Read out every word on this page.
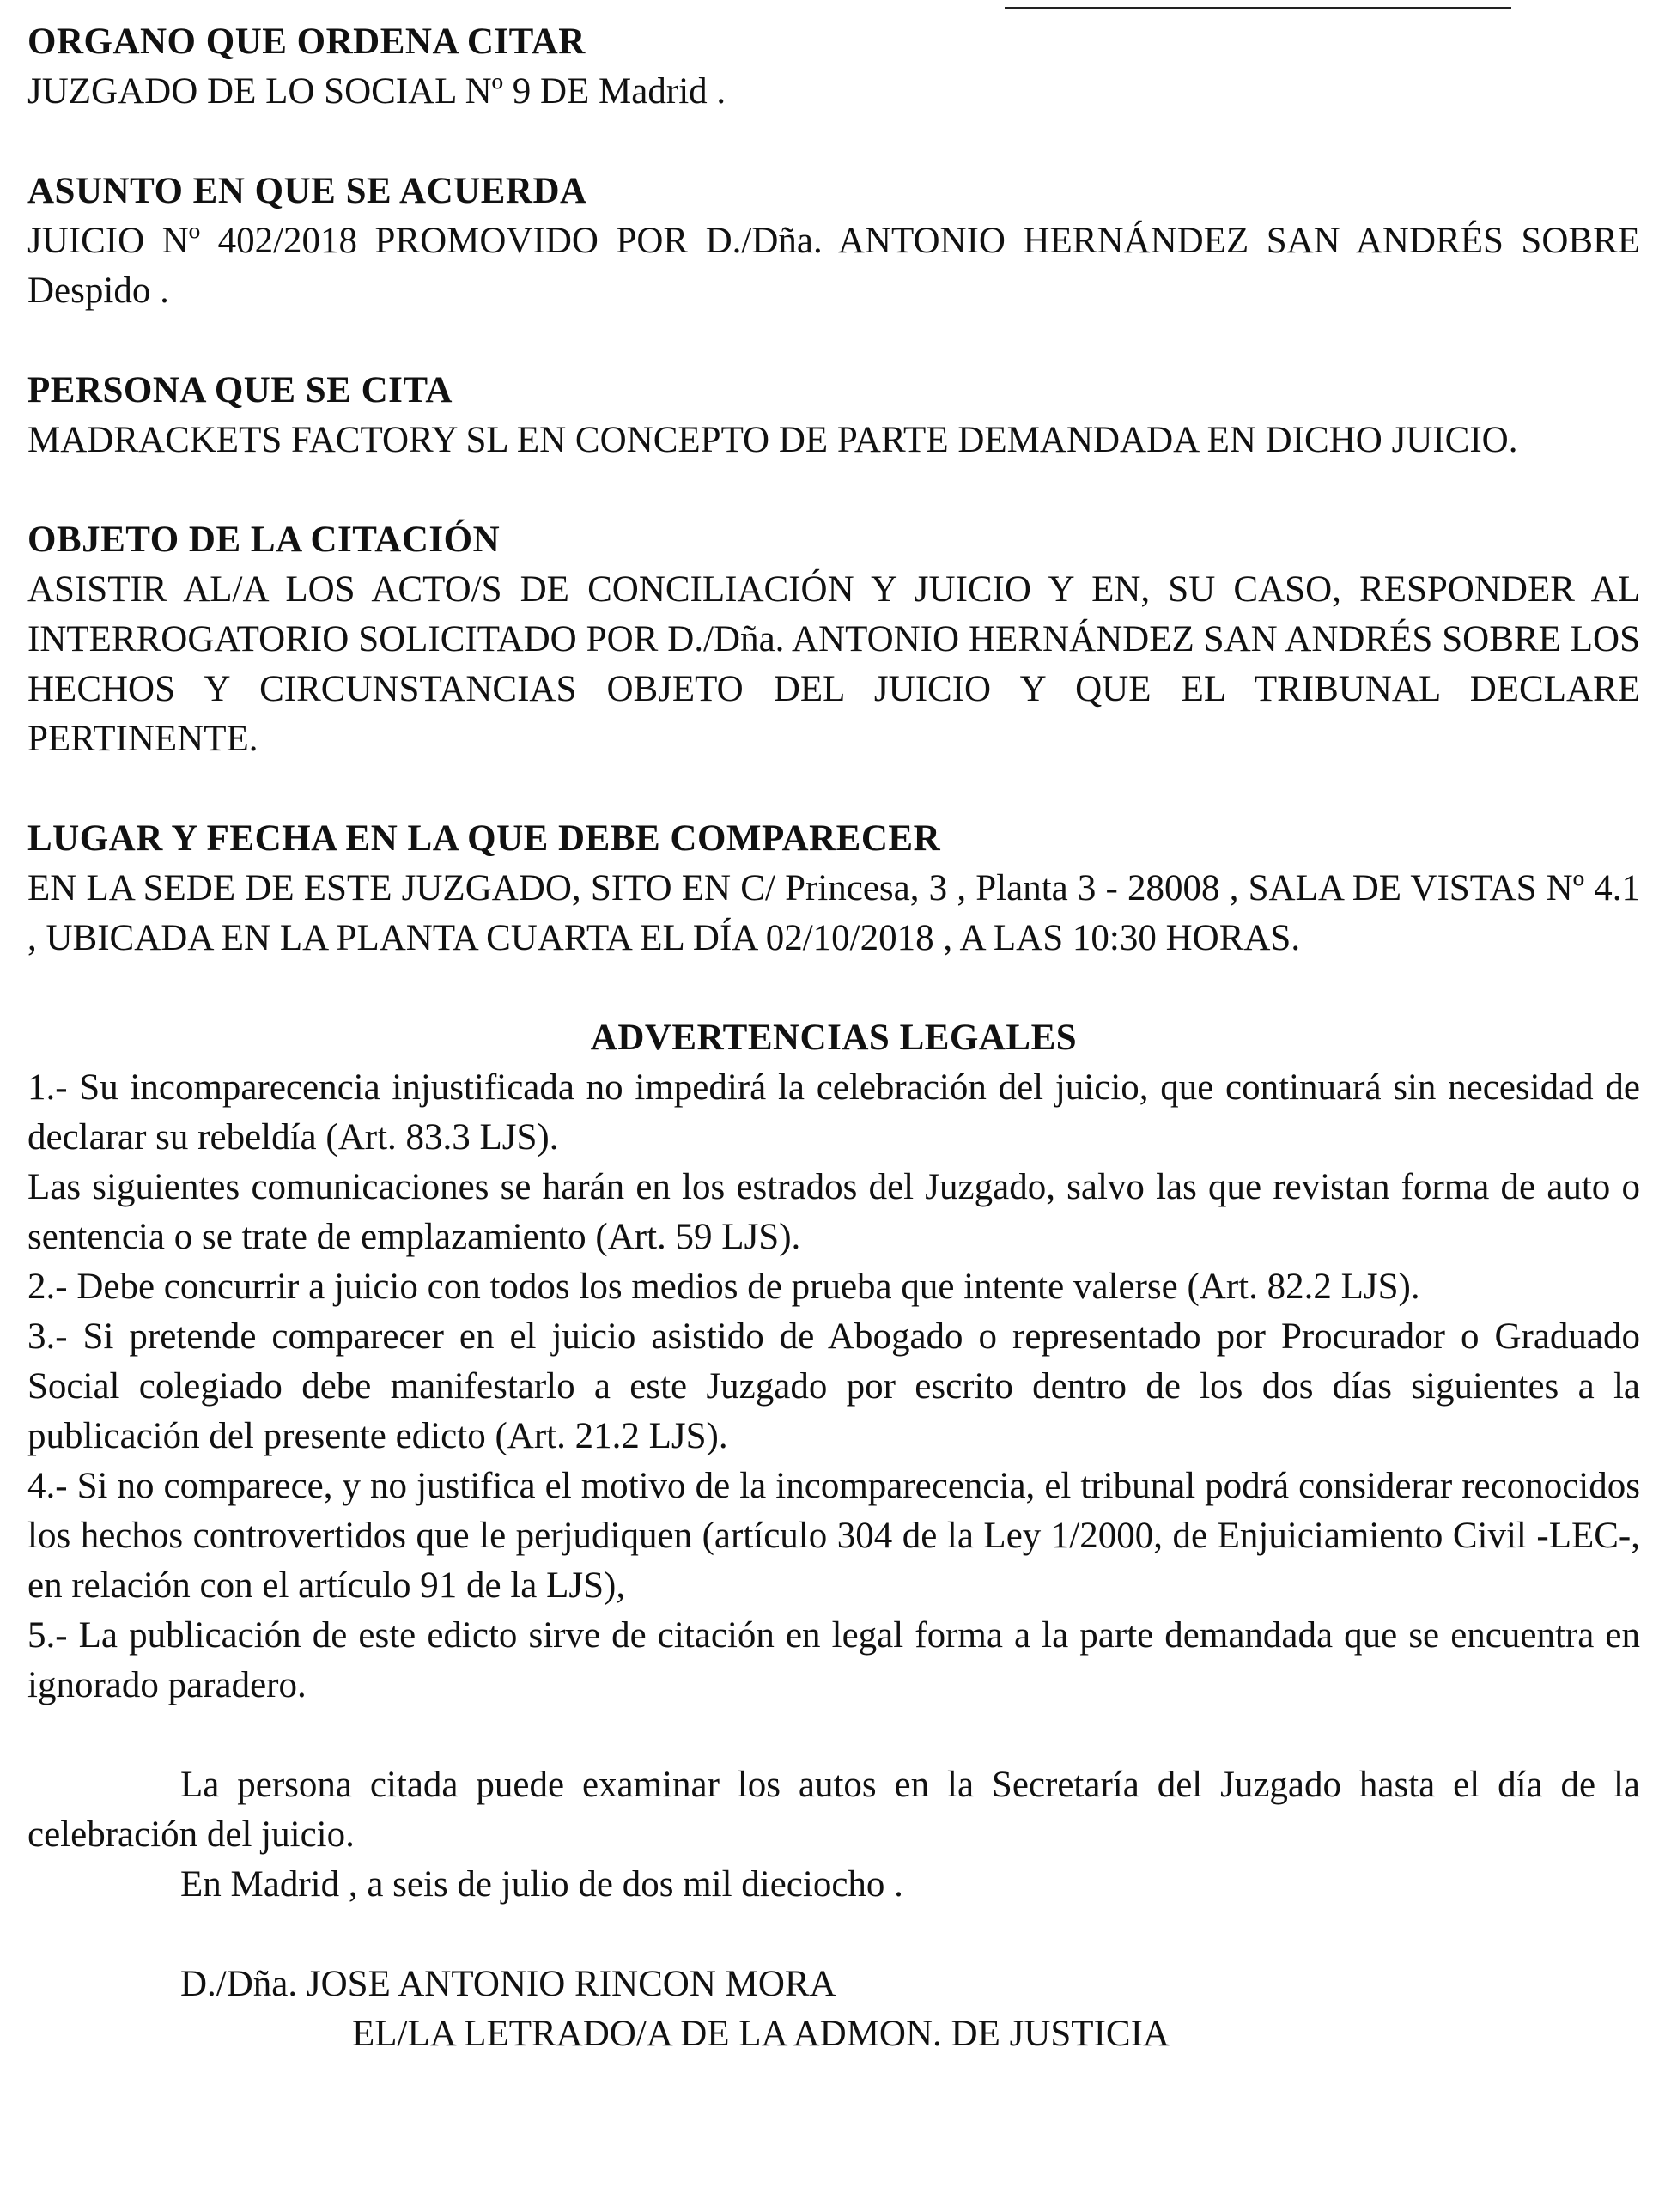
ORGANO QUE ORDENA CITAR

JUZGADO DE LO SOCIAL Nº 9 DE Madrid .

ASUNTO EN QUE SE ACUERDA

JUICIO Nº 402/2018 PROMOVIDO POR D./Dña. ANTONIO HERNÁNDEZ SAN ANDRÉS SOBRE Despido .

PERSONA QUE SE CITA

MADRACKETS FACTORY SL EN CONCEPTO DE PARTE DEMANDADA EN DICHO JUICIO.

OBJETO DE LA CITACIÓN

ASISTIR AL/A LOS ACTO/S DE CONCILIACIÓN Y JUICIO Y EN, SU CASO, RESPONDER AL INTERROGATORIO SOLICITADO POR D./Dña. ANTONIO HERNÁNDEZ SAN ANDRÉS SOBRE LOS HECHOS Y CIRCUNSTANCIAS OBJETO DEL JUICIO Y QUE EL TRIBUNAL DECLARE PERTINENTE.

LUGAR Y FECHA EN LA QUE DEBE COMPARECER

EN LA SEDE DE ESTE JUZGADO, SITO EN C/ Princesa, 3 , Planta 3 - 28008 , SALA DE VISTAS Nº 4.1 , UBICADA EN LA PLANTA CUARTA EL DÍA 02/10/2018 , A LAS 10:30 HORAS.

ADVERTENCIAS LEGALES

1.- Su incomparecencia injustificada no impedirá la celebración del juicio, que continuará sin necesidad de declarar su rebeldía (Art. 83.3 LJS).

Las siguientes comunicaciones se harán en los estrados del Juzgado, salvo las que revistan forma de auto o sentencia o se trate de emplazamiento (Art. 59 LJS).

2.- Debe concurrir a juicio con todos los medios de prueba que intente valerse (Art. 82.2 LJS).

3.- Si pretende comparecer en el juicio asistido de Abogado o representado por Procurador o Graduado Social colegiado debe manifestarlo a este Juzgado por escrito dentro de los dos días siguientes a la publicación del presente edicto (Art. 21.2 LJS).

4.- Si no comparece, y no justifica el motivo de la incomparecencia, el tribunal podrá considerar reconocidos los hechos controvertidos que le perjudiquen (artículo 304 de la Ley 1/2000, de Enjuiciamiento Civil -LEC-, en relación con el artículo 91 de la LJS),

5.- La publicación de este edicto sirve de citación en legal forma a la parte demandada que se encuentra en ignorado paradero.

La persona citada puede examinar los autos en la Secretaría del Juzgado hasta el día de la celebración del juicio.

En Madrid , a seis de julio de dos mil dieciocho .

D./Dña. JOSE ANTONIO RINCON MORA

EL/LA LETRADO/A DE LA ADMON. DE JUSTICIA
